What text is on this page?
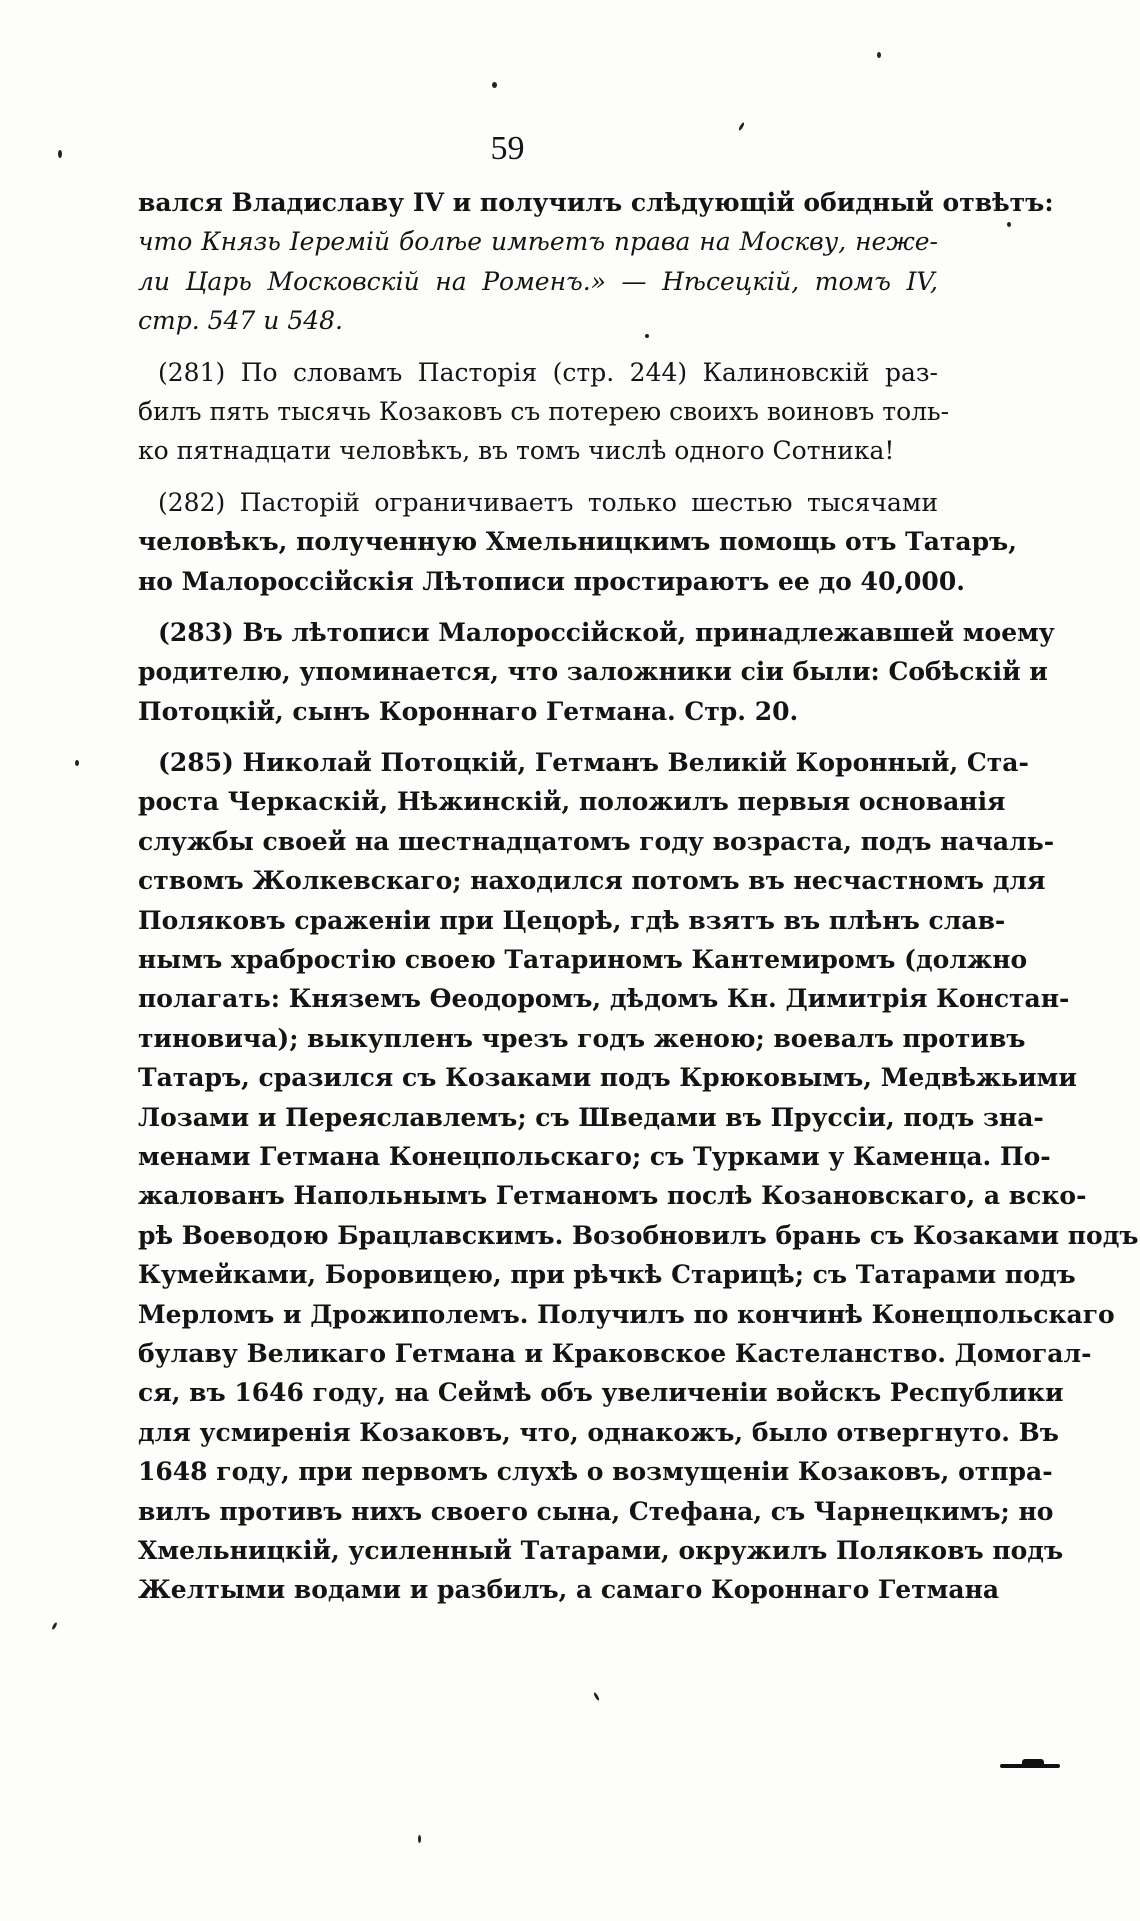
59
вался Владиславу IV и получилъ слѣдующій обидный отвѣтъ:
что Князь Іеремій болѣе имѣетъ права на Москву, неже-
ли Царь Московскій на Роменъ.» — Нѣсецкій, томъ IV,
стр. 547 и 548.
(281) По словамъ Пасторія (стр. 244) Калиновскій раз-
билъ пять тысячь Козаковъ съ потерею своихъ воиновъ толь-
ко пятнадцати человѣкъ, въ томъ числѣ одного Сотника!
(282) Пасторій ограничиваетъ только шестью тысячами
человѣкъ, полученную Хмельницкимъ помощь отъ Татаръ,
но Малороссійскія Лѣтописи простираютъ ее до 40,000.
(283) Въ лѣтописи Малороссійской, принадлежавшей моему
родителю, упоминается, что заложники сіи были: Собѣскій и
Потоцкій, сынъ Короннаго Гетмана. Стр. 20.
(285) Николай Потоцкій, Гетманъ Великій Коронный, Ста-
роста Черкаскій, Нѣжинскій, положилъ первыя основанія
службы своей на шестнадцатомъ году возраста, подъ началь-
ствомъ Жолкевскаго; находился потомъ въ несчастномъ для
Поляковъ сраженіи при Цецорѣ, гдѣ взятъ въ плѣнъ слав-
нымъ храбростію своею Татариномъ Кантемиромъ (должно
полагать: Княземъ Ѳеодоромъ, дѣдомъ Кн. Димитрія Констан-
тиновича); выкупленъ чрезъ годъ женою; воевалъ противъ
Татаръ, сразился съ Козаками подъ Крюковымъ, Медвѣжьими
Лозами и Переяславлемъ; съ Шведами въ Пруссіи, подъ зна-
менами Гетмана Конецпольскаго; съ Турками у Каменца. По-
жалованъ Напольнымъ Гетманомъ послѣ Козановскаго, а вско-
рѣ Воеводою Брацлавскимъ. Возобновилъ брань съ Козаками подъ
Кумейками, Боровицею, при рѣчкѣ Старицѣ; съ Татарами подъ
Мерломъ и Дрожиполемъ. Получилъ по кончинѣ Конецпольскаго
булаву Великаго Гетмана и Краковское Кастеланство. Домогал-
ся, въ 1646 году, на Сеймѣ объ увеличеніи войскъ Республики
для усмиренія Козаковъ, что, однакожъ, было отвергнуто. Въ
1648 году, при первомъ слухѣ о возмущеніи Козаковъ, отпра-
вилъ противъ нихъ своего сына, Стефана, съ Чарнецкимъ; но
Хмельницкій, усиленный Татарами, окружилъ Поляковъ подъ
Желтыми водами и разбилъ, а самаго Короннаго Гетмана
